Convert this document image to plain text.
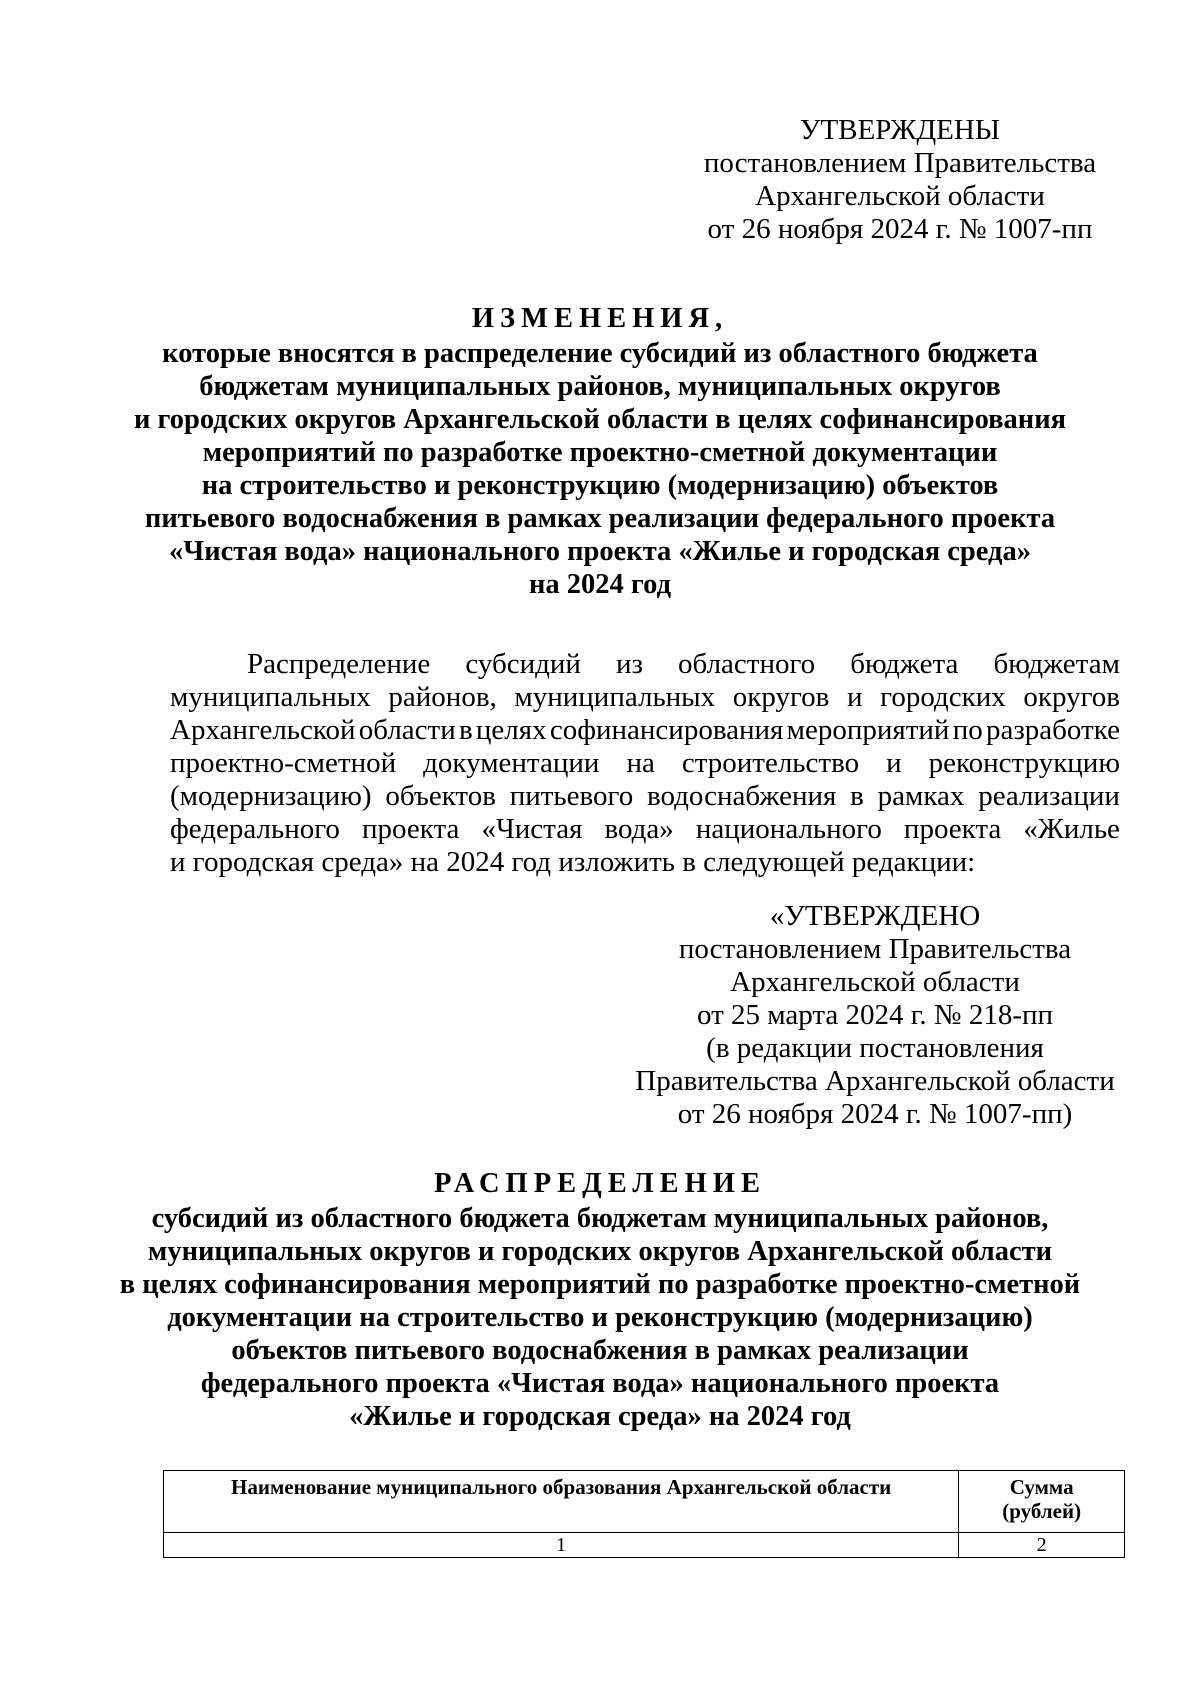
УТВЕРЖДЕНЫ
постановлением Правительства
Архангельской области
от 26 ноября 2024 г. № 1007-пп
ИЗМЕНЕНИЯ,
которые вносятся в распределение субсидий из областного бюджета
бюджетам муниципальных районов, муниципальных округов
и городских округов Архангельской области в целях софинансирования
мероприятий по разработке проектно-сметной документации
на строительство и реконструкцию (модернизацию) объектов
питьевого водоснабжения в рамках реализации федерального проекта
«Чистая вода» национального проекта «Жилье и городская среда»
на 2024 год
Распределение субсидий из областного бюджета бюджетам
муниципальных районов, муниципальных округов и городских округов
Архангельской области в целях софинансирования мероприятий по разработке
проектно-сметной документации на строительство и реконструкцию
(модернизацию) объектов питьевого водоснабжения в рамках реализации
федерального проекта «Чистая вода» национального проекта «Жилье
и городская среда» на 2024 год изложить в следующей редакции:
«УТВЕРЖДЕНО
постановлением Правительства
Архангельской области
от 25 марта 2024 г. № 218-пп
(в редакции постановления
Правительства Архангельской области
от 26 ноября 2024 г. № 1007-пп)
РАСПРЕДЕЛЕНИЕ
субсидий из областного бюджета бюджетам муниципальных районов,
муниципальных округов и городских округов Архангельской области
в целях софинансирования мероприятий по разработке проектно-сметной
документации на строительство и реконструкцию (модернизацию)
объектов питьевого водоснабжения в рамках реализации
федерального проекта «Чистая вода» национального проекта
«Жилье и городская среда» на 2024 год
Наименование муниципального образования Архангельской области	Сумма
(рублей)

1	2
